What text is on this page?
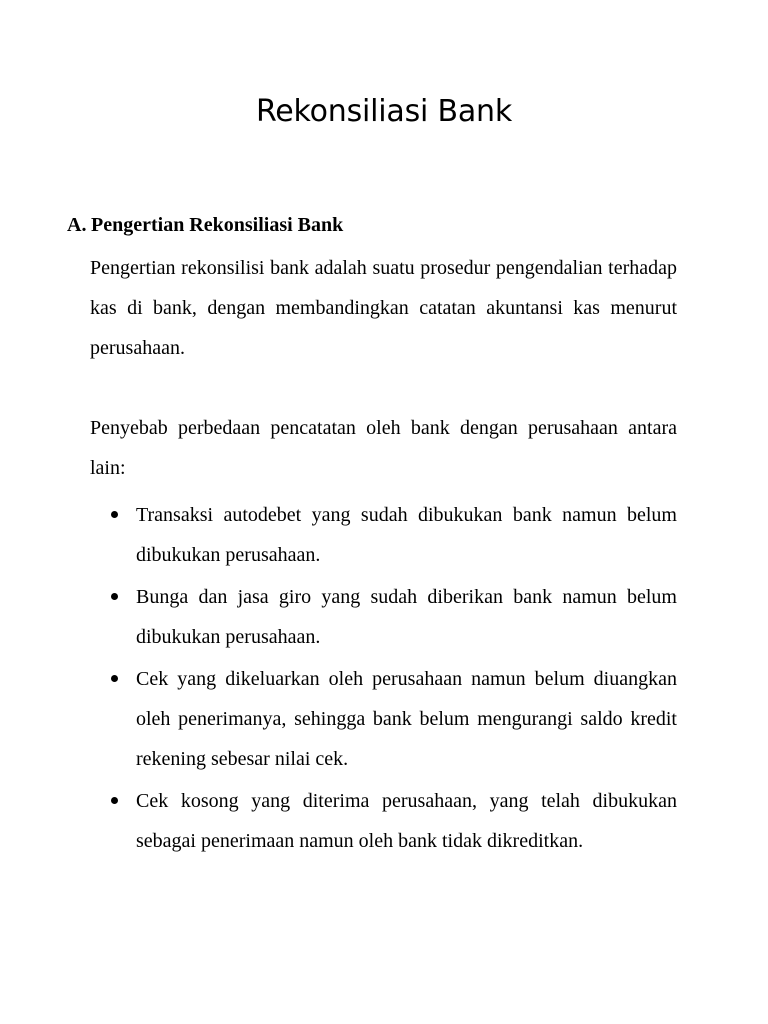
Rekonsiliasi Bank
A. Pengertian Rekonsiliasi Bank

Pengertian rekonsilisi bank adalah suatu prosedur pengendalian terhadap kas di bank, dengan membandingkan catatan akuntansi kas menurut perusahaan.

Penyebab perbedaan pencatatan oleh bank dengan perusahaan antara lain:

Transaksi autodebet yang sudah dibukukan bank namun belum dibukukan perusahaan.
Bunga dan jasa giro yang sudah diberikan bank namun belum dibukukan perusahaan.
Cek yang dikeluarkan oleh perusahaan namun belum diuangkan oleh penerimanya, sehingga bank belum mengurangi saldo kredit rekening sebesar nilai cek.
Cek kosong yang diterima perusahaan, yang telah dibukukan sebagai penerimaan namun oleh bank tidak dikreditkan.
